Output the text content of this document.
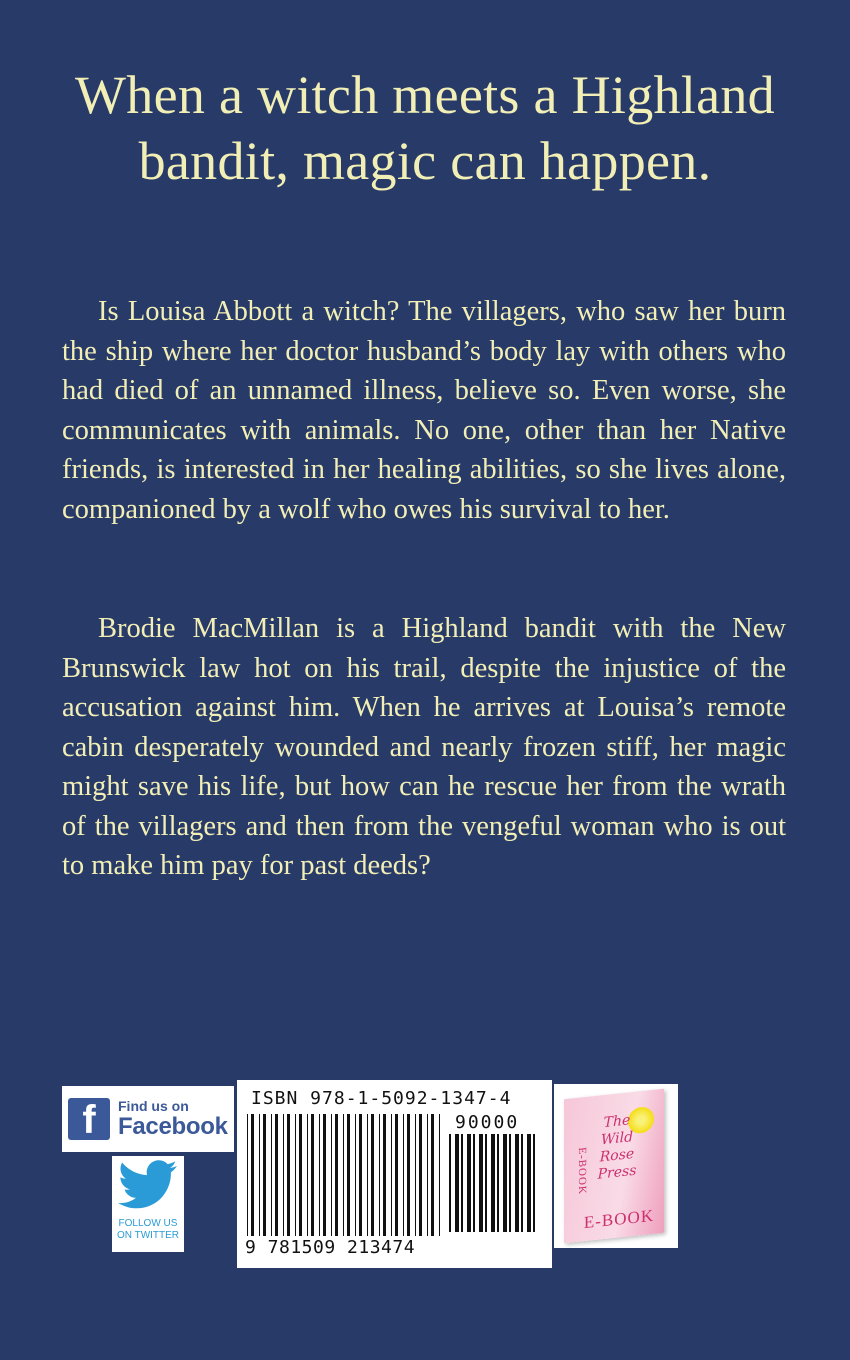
When a witch meets a Highland
bandit, magic can happen.

Is Louisa Abbott a witch? The villagers, who saw her burn the ship where her doctor husband’s body lay with others who had died of an unnamed illness, believe so. Even worse, she communicates with animals. No one, other than her Native friends, is interested in her healing abilities, so she lives alone, companioned by a wolf who owes his survival to her.

Brodie MacMillan is a Highland bandit with the New Brunswick law hot on his trail, despite the injustice of the accusation against him. When he arrives at Louisa’s remote cabin desperately wounded and nearly frozen stiff, her magic might save his life, but how can he rescue her from the wrath of the villagers and then from the vengeful woman who is out to make him pay for past deeds?

f	Find us on
Facebook
FOLLOW US
ON TWITTER
ISBN 978-1-5092-1347-4
90000
9 781509 213474
E-BOOK
The
Wild
Rose
Press
E-BOOK
